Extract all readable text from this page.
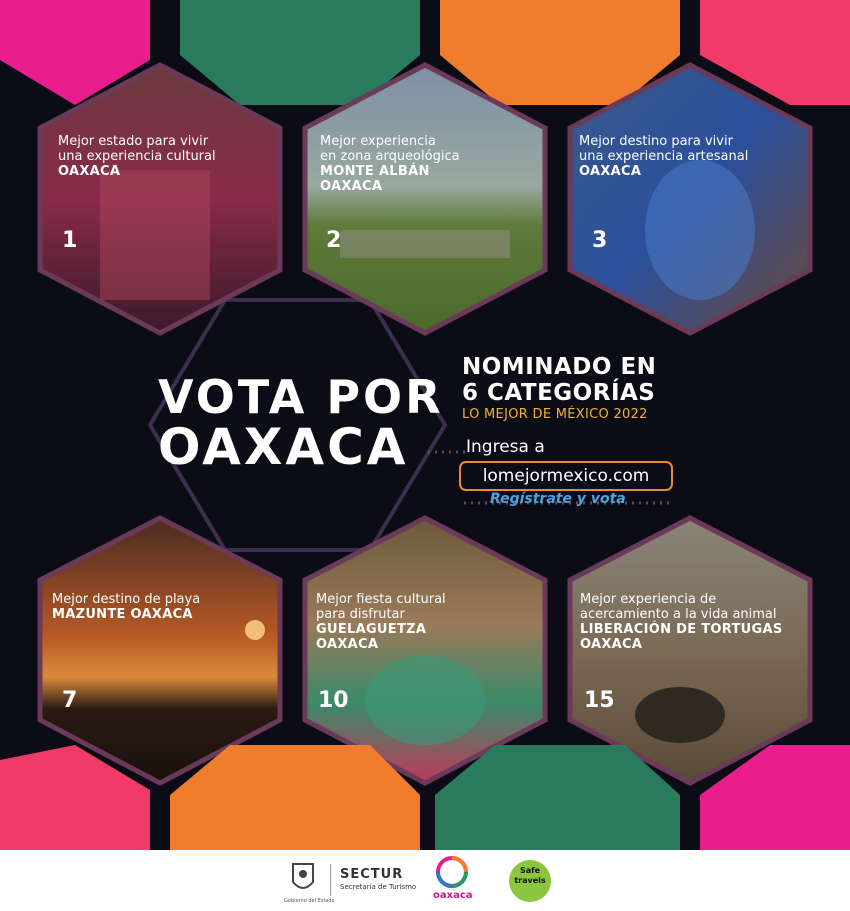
Mejor estado para vivir
una experiencia cultural
OAXACA
1
Mejor experiencia
en zona arqueológica
MONTE ALBÁN
OAXACA
2
Mejor destino para vivir
una experiencia artesanal
OAXACA
3
VOTA POR
OAXACA
NOMINADO EN
6 CATEGORÍAS
LO MEJOR DE MÉXICO 2022
Ingresa a
lomejormexico.com
Regístrate y vota
Mejor destino de playa
MAZUNTE OAXACA
7
Mejor fiesta cultural
para disfrutar
GUELAGUETZA
OAXACA
10
Mejor experiencia de
acercamiento a la vida animal
LIBERACIÓN DE TORTUGAS
OAXACA
15
Gobierno del Estado
SECTUR
Secretaría de Turismo
oaxaca
Safe travels
